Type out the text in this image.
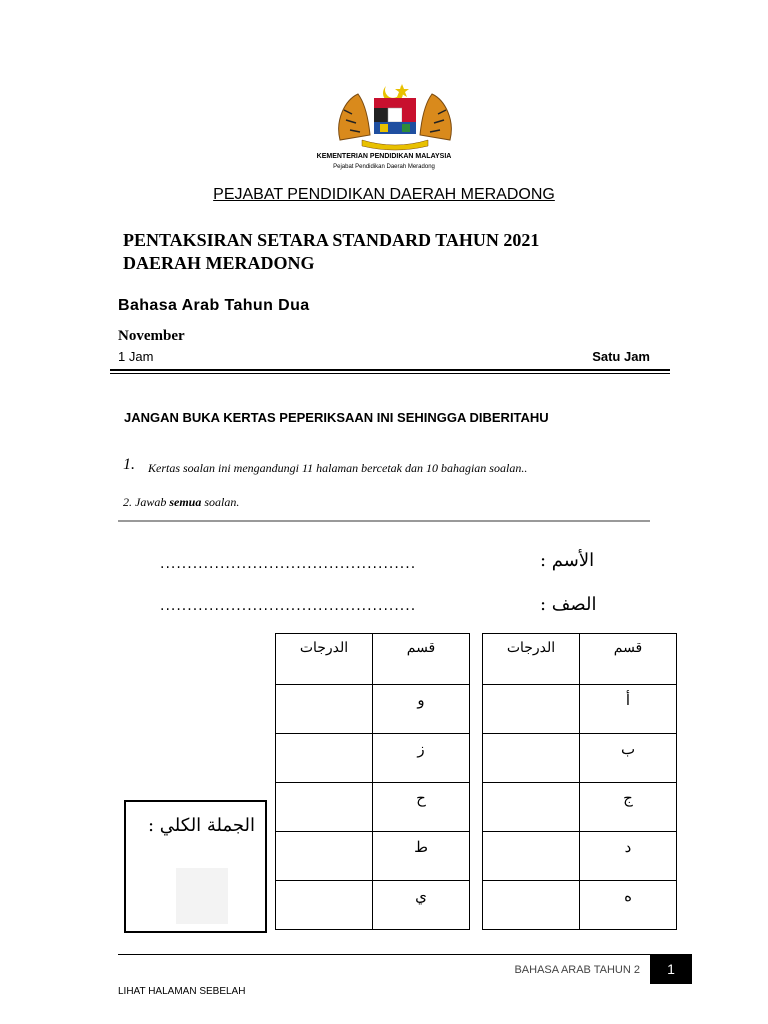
KEMENTERIAN PENDIDIKAN MALAYSIA
Pejabat Pendidikan Daerah Meradong
PEJABAT PENDIDIKAN DAERAH MERADONG
PENTAKSIRAN SETARA STANDARD TAHUN 2021
DAERAH MERADONG
Bahasa Arab Tahun Dua
November
1 Jam	Satu Jam
JANGAN BUKA KERTAS PEPERIKSAAN INI SEHINGGA DIBERITAHU
1. Kertas soalan ini mengandungi 11 halaman bercetak dan 10 bahagian soalan..
2. Jawab semua soalan.
...............................................	الأسم :
...............................................	الصف :
الدرجات	قسم
	و
	ز
	ح
	ط
	ي
الدرجات	قسم
	أ
	ب
	ج
	د
	ه
الجملة الكلي :
BAHASA ARAB TAHUN 2	1
LIHAT HALAMAN SEBELAH
